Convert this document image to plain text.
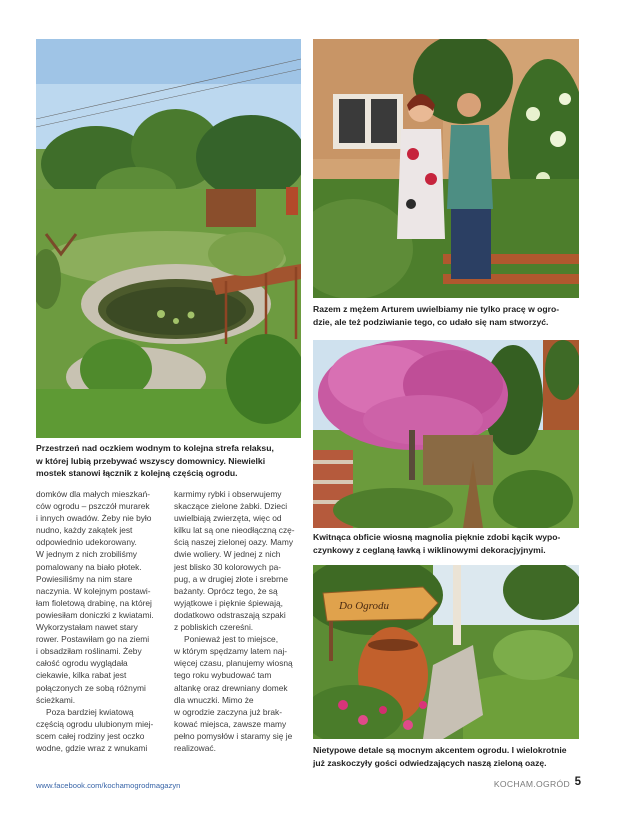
Przestrzeń nad oczkiem wodnym to kolejna strefa relaksu,
w której lubią przebywać wszyscy domownicy. Niewielki
mostek stanowi łącznik z kolejną częścią ogrodu.

Razem z mężem Arturem uwielbiamy nie tylko pracę w ogro-
dzie, ale też podziwianie tego, co udało się nam stworzyć.

Kwitnąca obficie wiosną magnolia pięknie zdobi kącik wypo-
czynkowy z ceglaną ławką i wiklinowymi dekoracjyjnymi.

Do Ogrodu

Nietypowe detale są mocnym akcentem ogrodu. I wielokrotnie
już zaskoczyły gości odwiedzających naszą zieloną oazę.

domków dla małych mieszkań-
ców ogrodu – pszczół murarek
i innych owadów. Żeby nie było
nudno, każdy zakątek jest
odpowiednio udekorowany.
W jednym z nich zrobiliśmy
pomalowany na biało płotek.
Powiesiliśmy na nim stare
naczynia. W kolejnym postawi-
łam fioletową drabinę, na której
powiesiłam doniczki z kwiatami.
Wykorzystałam nawet stary
rower. Postawiłam go na ziemi
i obsadziłam roślinami. Żeby
całość ogrodu wyglądała
ciekawie, kilka rabat jest
połączonych ze sobą różnymi
ścieżkami.
Poza bardziej kwiatową
częścią ogrodu ulubionym miej-
scem całej rodziny jest oczko
wodne, gdzie wraz z wnukami
karmimy rybki i obserwujemy
skaczące zielone żabki. Dzieci
uwielbiają zwierzęta, więc od
kilku lat są one nieodłączną czę-
ścią naszej zielonej oazy. Mamy
dwie woliery. W jednej z nich
jest blisko 30 kolorowych pa-
pug, a w drugiej złote i srebrne
bażanty. Oprócz tego, że są
wyjątkowe i pięknie śpiewają,
dodatkowo odstraszają szpaki
z pobliskich czereśni.
Ponieważ jest to miejsce,
w którym spędzamy latem naj-
więcej czasu, planujemy wiosną
tego roku wybudować tam
altankę oraz drewniany domek
dla wnuczki. Mimo że
w ogrodzie zaczyna już brak-
kować miejsca, zawsze mamy
pełno pomysłów i staramy się je
realizować.
www.facebook.com/kochamogrodmagazyn	KOCHAM.OGRÓD 5
